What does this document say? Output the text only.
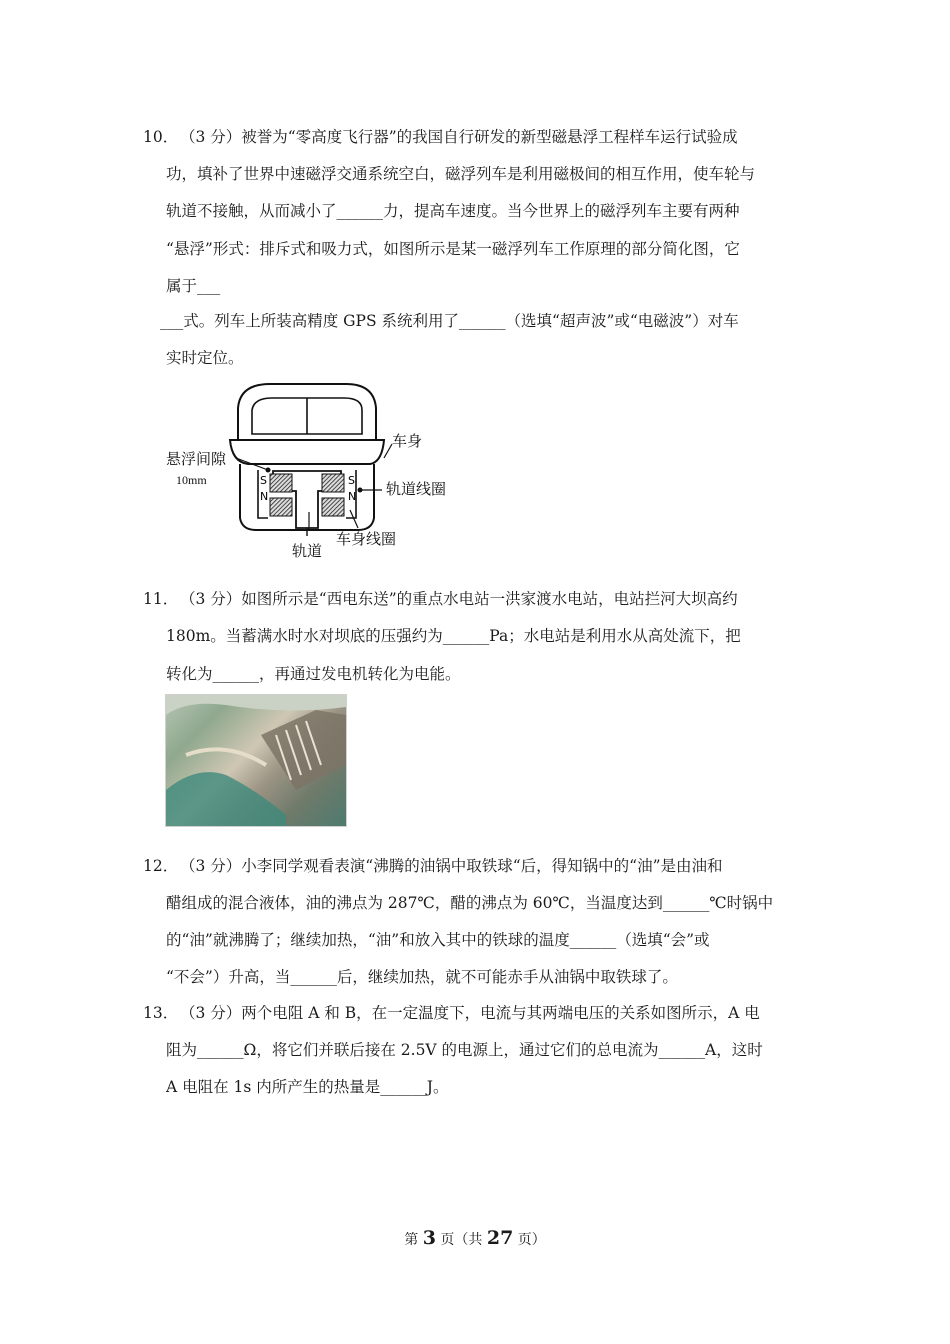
10． （3 分）被誉为“零高度飞行器”的我国自行研发的新型磁悬浮工程样车运行试验成
功，填补了世界中速磁浮交通系统空白，磁浮列车是利用磁极间的相互作用，使车轮与
轨道不接触，从而减小了______力，提高车速度。当今世界上的磁浮列车主要有两种
“悬浮”形式：排斥式和吸力式，如图所示是某一磁浮列车工作原理的部分简化图，它
属于___
___式。列车上所装高精度 GPS 系统利用了______（选填“超声波”或“电磁波”）对车
实时定位。
S
N
S
N
车身
悬浮间隙
10mm	轨道线圈
轨道
车身线圈
11． （3 分）如图所示是“西电东送”的重点水电站一洪家渡水电站，电站拦河大坝高约
180m。当蓄满水时水对坝底的压强约为______Pa；水电站是利用水从高处流下，把
转化为______，再通过发电机转化为电能。
12． （3 分）小李同学观看表演“沸腾的油锅中取铁球“后，得知锅中的“油”是由油和
醋组成的混合液体，油的沸点为 287℃，醋的沸点为 60℃，当温度达到______℃时锅中
的“油”就沸腾了；继续加热，“油”和放入其中的铁球的温度______（选填“会”或
“不会”）升高，当______后，继续加热，就不可能赤手从油锅中取铁球了。
13． （3 分）两个电阻 A 和 B，在一定温度下，电流与其两端电压的关系如图所示，A 电
阻为______Ω，将它们并联后接在 2.5V 的电源上，通过它们的总电流为______A，这时
A 电阻在 1s 内所产生的热量是______J。
第 3 页（共 27 页）
